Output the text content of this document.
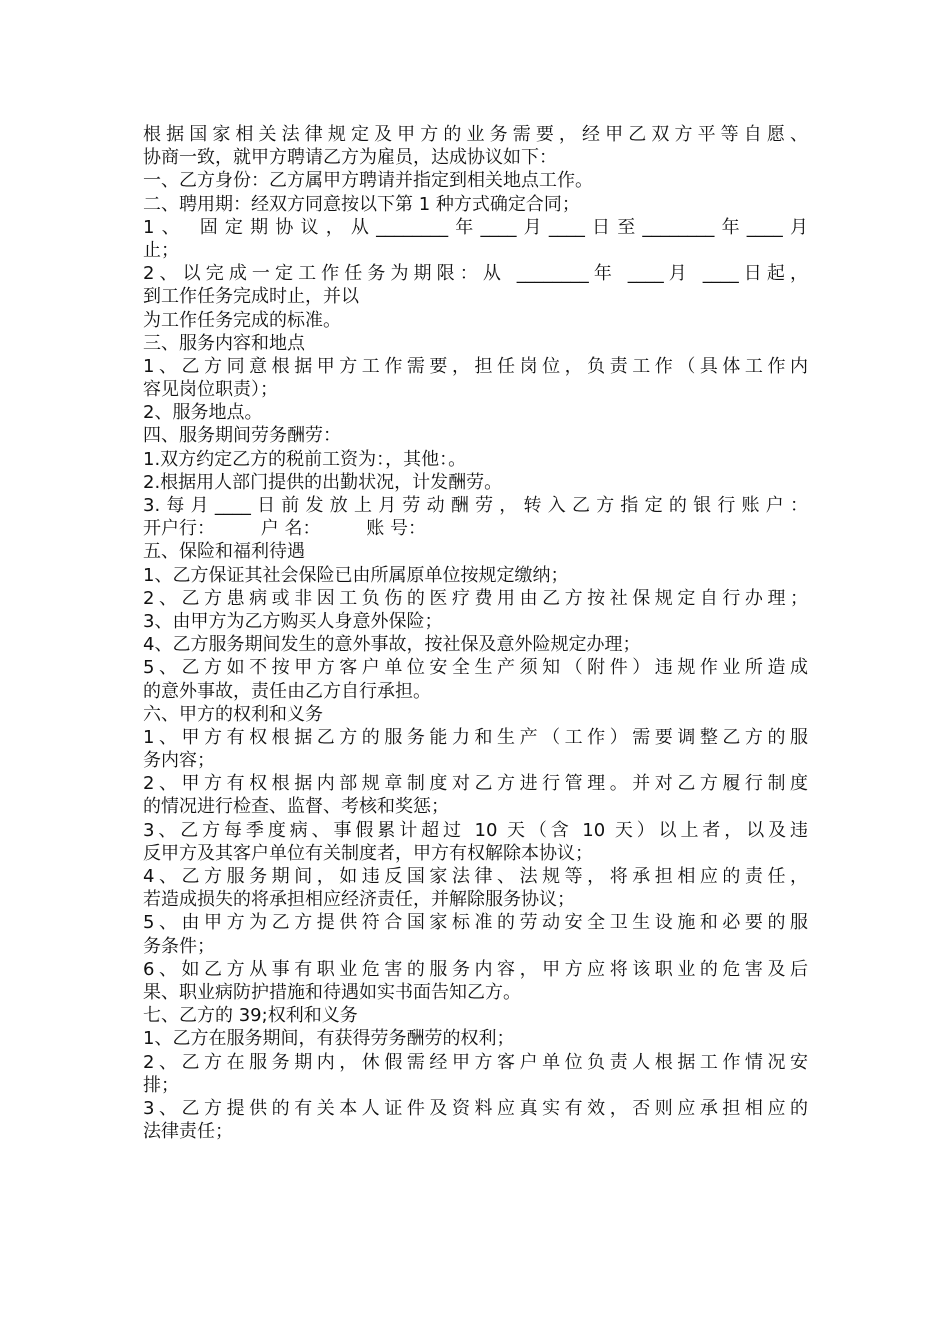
根据国家相关法律规定及甲方的业务需要，经甲乙双方平等自愿、
协商一致，就甲方聘请乙方为雇员，达成协议如下：
一、乙方身份：乙方属甲方聘请并指定到相关地点工作。
二、聘用期：经双方同意按以下第 1 种方式确定合同；
1、 固定期协议，从________年____月____日至________年____月
止；
2、以完成一定工作任务为期限：从 ________年 ____月 ____日起，
到工作任务完成时止，并以
为工作任务完成的标准。
三、服务内容和地点
1、乙方同意根据甲方工作需要，担任岗位，负责工作（具体工作内
容见岗位职责）；
2、服务地点。
四、服务期间劳务酬劳：
1.双方约定乙方的税前工资为：，其他：。
2.根据用人部门提供的出勤状况，计发酬劳。
3.每月____日前发放上月劳动酬劳，转入乙方指定的银行账户：
开户行：        户 名：        账 号：
五、保险和福利待遇
1、乙方保证其社会保险已由所属原单位按规定缴纳；
2、乙方患病或非因工负伤的医疗费用由乙方按社保规定自行办理；
3、由甲方为乙方购买人身意外保险；
4、乙方服务期间发生的意外事故，按社保及意外险规定办理；
5、乙方如不按甲方客户单位安全生产须知（附件）违规作业所造成
的意外事故，责任由乙方自行承担。
六、甲方的权利和义务
1、甲方有权根据乙方的服务能力和生产（工作）需要调整乙方的服
务内容；
2、甲方有权根据内部规章制度对乙方进行管理。并对乙方履行制度
的情况进行检查、监督、考核和奖惩；
3、乙方每季度病、事假累计超过 10 天（含 10 天）以上者，以及违
反甲方及其客户单位有关制度者，甲方有权解除本协议；
4、乙方服务期间，如违反国家法律、法规等，将承担相应的责任，
若造成损失的将承担相应经济责任，并解除服务协议；
5、由甲方为乙方提供符合国家标准的劳动安全卫生设施和必要的服
务条件；
6、如乙方从事有职业危害的服务内容，甲方应将该职业的危害及后
果、职业病防护措施和待遇如实书面告知乙方。
七、乙方的 39;权利和义务
1、乙方在服务期间，有获得劳务酬劳的权利；
2、乙方在服务期内，休假需经甲方客户单位负责人根据工作情况安
排；
3、乙方提供的有关本人证件及资料应真实有效，否则应承担相应的
法律责任；
